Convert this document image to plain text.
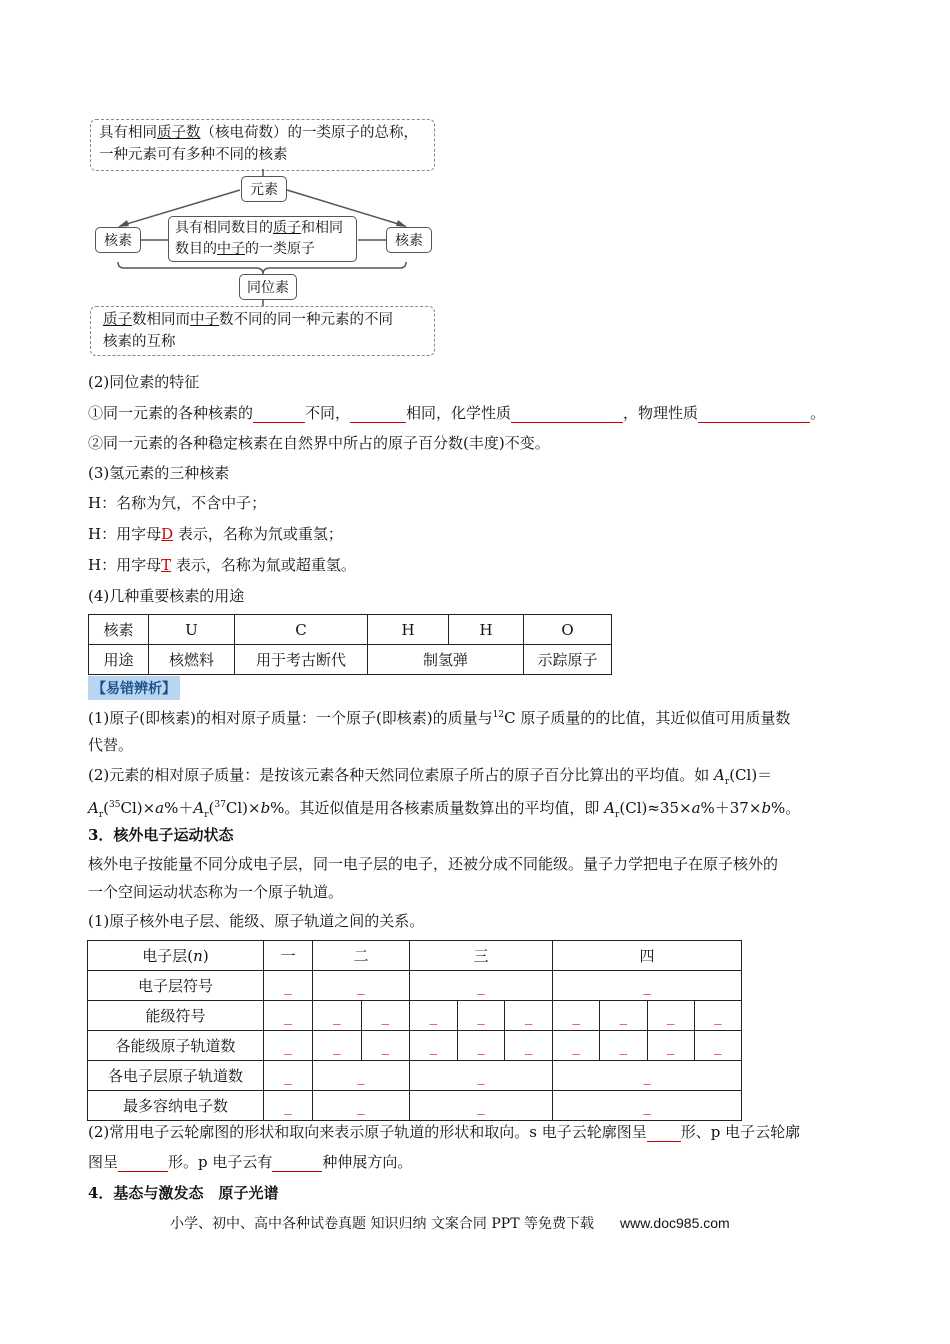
具有相同质子数（核电荷数）的一类原子的总称，
一种元素可有多种不同的核素
元素
核素	核素
具有相同数目的质子和相同
数目的中子的一类原子
同位素
质子数相同而中子数不同的同一种元素的不同
核素的互称
(2)同位素的特征
①同一元素的各种核素的	不同，	相同，化学性质	，物理性质	。
②同一元素的各种稳定核素在自然界中所占的原子百分数(丰度)不变。
(3)氢元素的三种核素
H：名称为氕，不含中子；
H：用字母D 表示，名称为氘或重氢；
H：用字母T 表示，名称为氚或超重氢。
(4)几种重要核素的用途
核素	U	C	H	H	O
用途	核燃料	用于考古断代	制氢弹		示踪原子
【易错辨析】
(1)原子(即核素)的相对原子质量：一个原子(即核素)的质量与$^{12}$C 原子质量的的比值，其近似值可用质量数
代替。
(2)元素的相对原子质量：是按该元素各种天然同位素原子所占的原子百分比算出的平均值。如 $A_r(Cl)=$
$A_r(^{35}Cl)\times a\%+A_r(^{37}Cl)\times b\%$。其近似值是用各核素质量数算出的平均值，即 $A_r(Cl)\approx 35\times a\%+37\times b\%$。
3．核外电子运动状态
核外电子按能量不同分成电子层，同一电子层的电子，还被分成不同能级。量子力学把电子在原子核外的
一个空间运动状态称为一个原子轨道。
(1)原子核外电子层、能级、原子轨道之间的关系。
电子层(n)	一	二		三			四			
电子层符号	_	_		_			_			
能级符号	_	_	_	_	_	_	_	_	_	_
各能级原子轨道数	_	_	_	_	_	_	_	_	_	_
各电子层原子轨道数	_	_		_			_			
最多容纳电子数	_	_		_			_			
(2)常用电子云轮廓图的形状和取向来表示原子轨道的形状和取向。s 电子云轮廓图呈 形、p 电子云轮廓
图呈	形。p 电子云有	种伸展方向。
4．基态与激发态　原子光谱
小学、初中、高中各种试卷真题 知识归纳 文案合同 PPT 等免费下载 www.doc985.com
